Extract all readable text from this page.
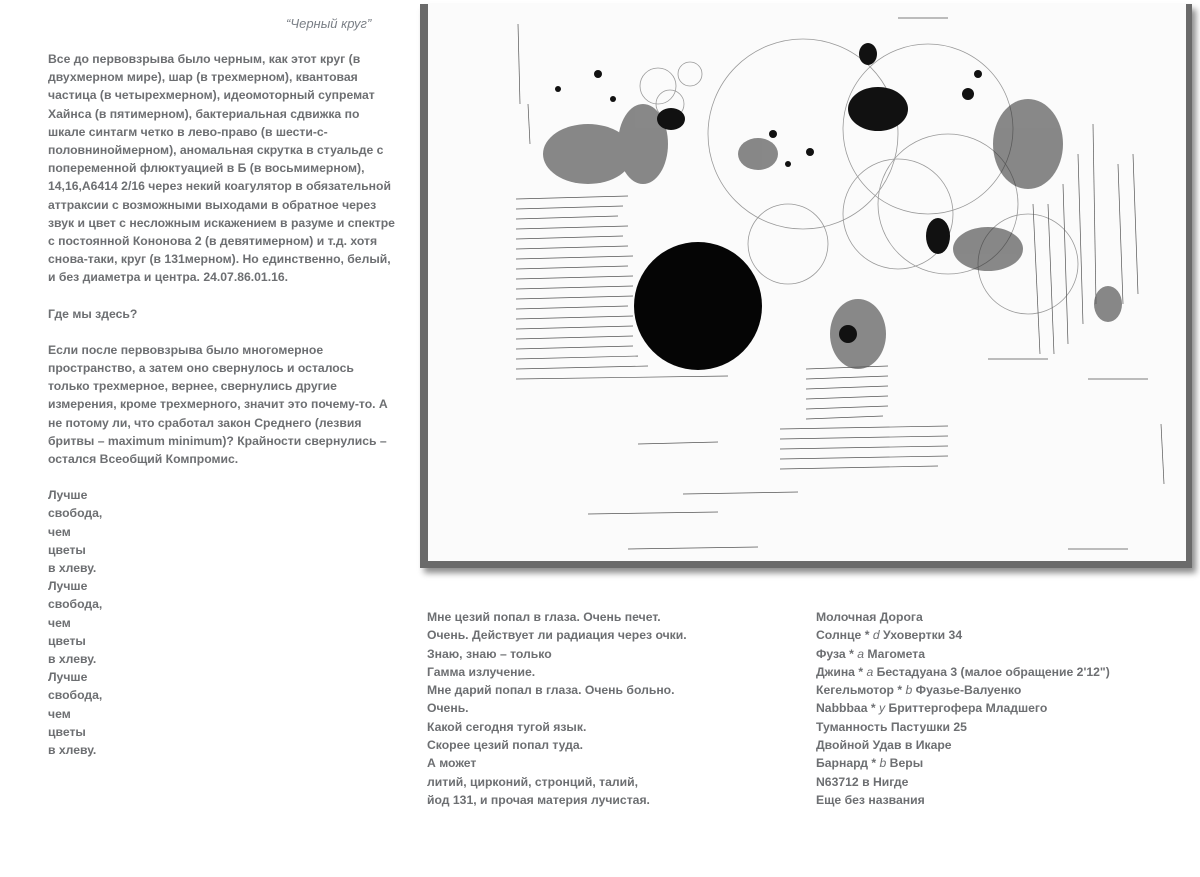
“Черный круг”

Все до первовзрыва было черным, как этот круг (в двухмерном мире), шар (в трехмерном), квантовая частица (в четырехмерном), идеомоторный супремат Хайнса (в пятимерном), бактериальная сдвижка по шкале синтагм четко в лево-право (в шести-с-половниноймерном), аномальная скрутка в стуальде с попеременной флюктуацией в Б (в восьмимерном), 14,16,А6414 2/16 через некий коагулятор в обязательной аттраксии с возможными выходами в обратное через звук и цвет с несложным искажением в разуме и спектре с постоянной Кононова 2 (в девятимерном) и т.д. хотя снова-таки, круг (в 131мерном). Но единственно, белый, и без диаметра и центра. 24.07.86.01.16.

Где мы здесь?

Если после первовзрыва было многомерное пространство, а затем оно свернулось и осталось только трехмерное, вернее, свернулись другие измерения, кроме трехмерного, значит это почему-то. А не потому ли, что сработал закон Среднего (лезвия бритвы – maximum minimum)? Крайности свернулись – остался Всеобщий Компромис.

Лучше
свобода,
чем
цветы
в хлеву.
Лучше
свобода,
чем
цветы
в хлеву.
Лучше
свобода,
чем
цветы
в хлеву.
Мне цезий попал в глаза. Очень печет.
Очень. Действует ли радиация через очки.
Знаю, знаю – только
Гамма излучение.
Мне дарий попал в глаза. Очень больно.
Очень.
Какой сегодня тугой язык.
Скорее цезий попал туда.
А может
литий, цирконий, стронций, талий,
йод 131, и прочая материя лучистая.
Молочная Дорога
Солнце * d Уховертки 34
Фуза * a Магомета
Джина * a Бестадуана 3 (малое обращение 2'12")
Кегельмотор * b Фуазье-Валуенко
Nabbbaa * y Бриттергофера Младшего
Туманность Пастушки 25
Двойной Удав в Икаре
Барнард * b Веры
N63712 в Нигде
Еще без названия
